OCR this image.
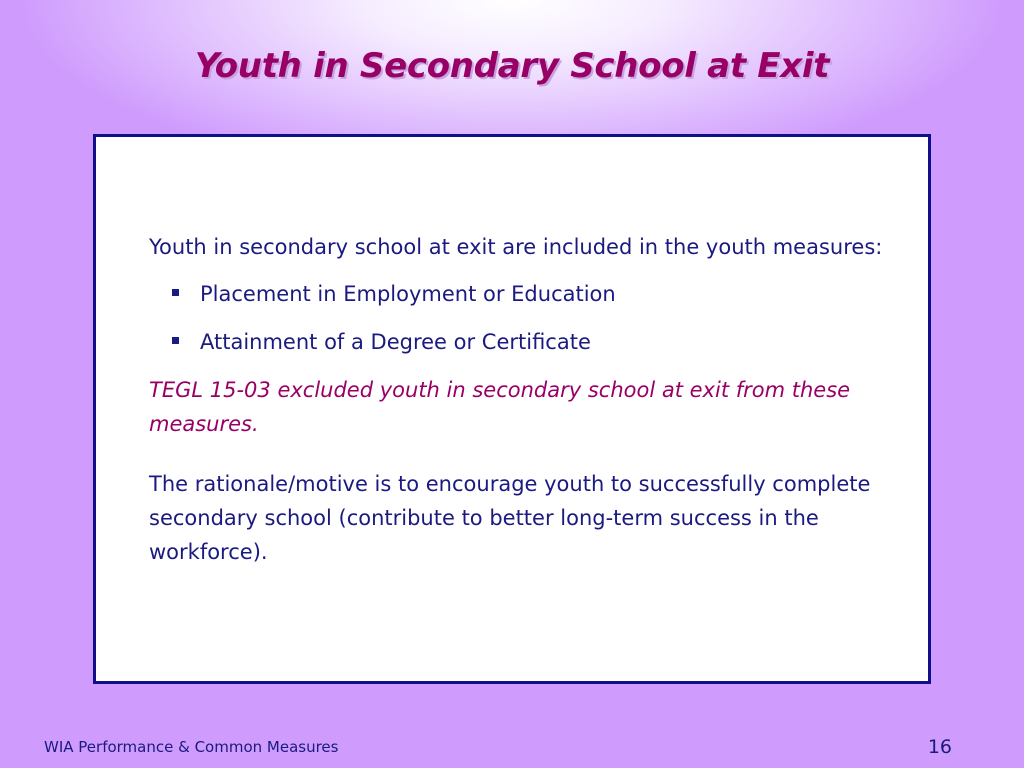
Youth in Secondary School at Exit

Youth in secondary school at exit are included in the youth measures:

Placement in Employment or Education
Attainment of a Degree or Certificate

TEGL 15-03 excluded youth in secondary school at exit from these measures.

The rationale/motive is to encourage youth to successfully complete secondary school (contribute to better long-term success in the workforce).

WIA Performance & Common Measures	16
